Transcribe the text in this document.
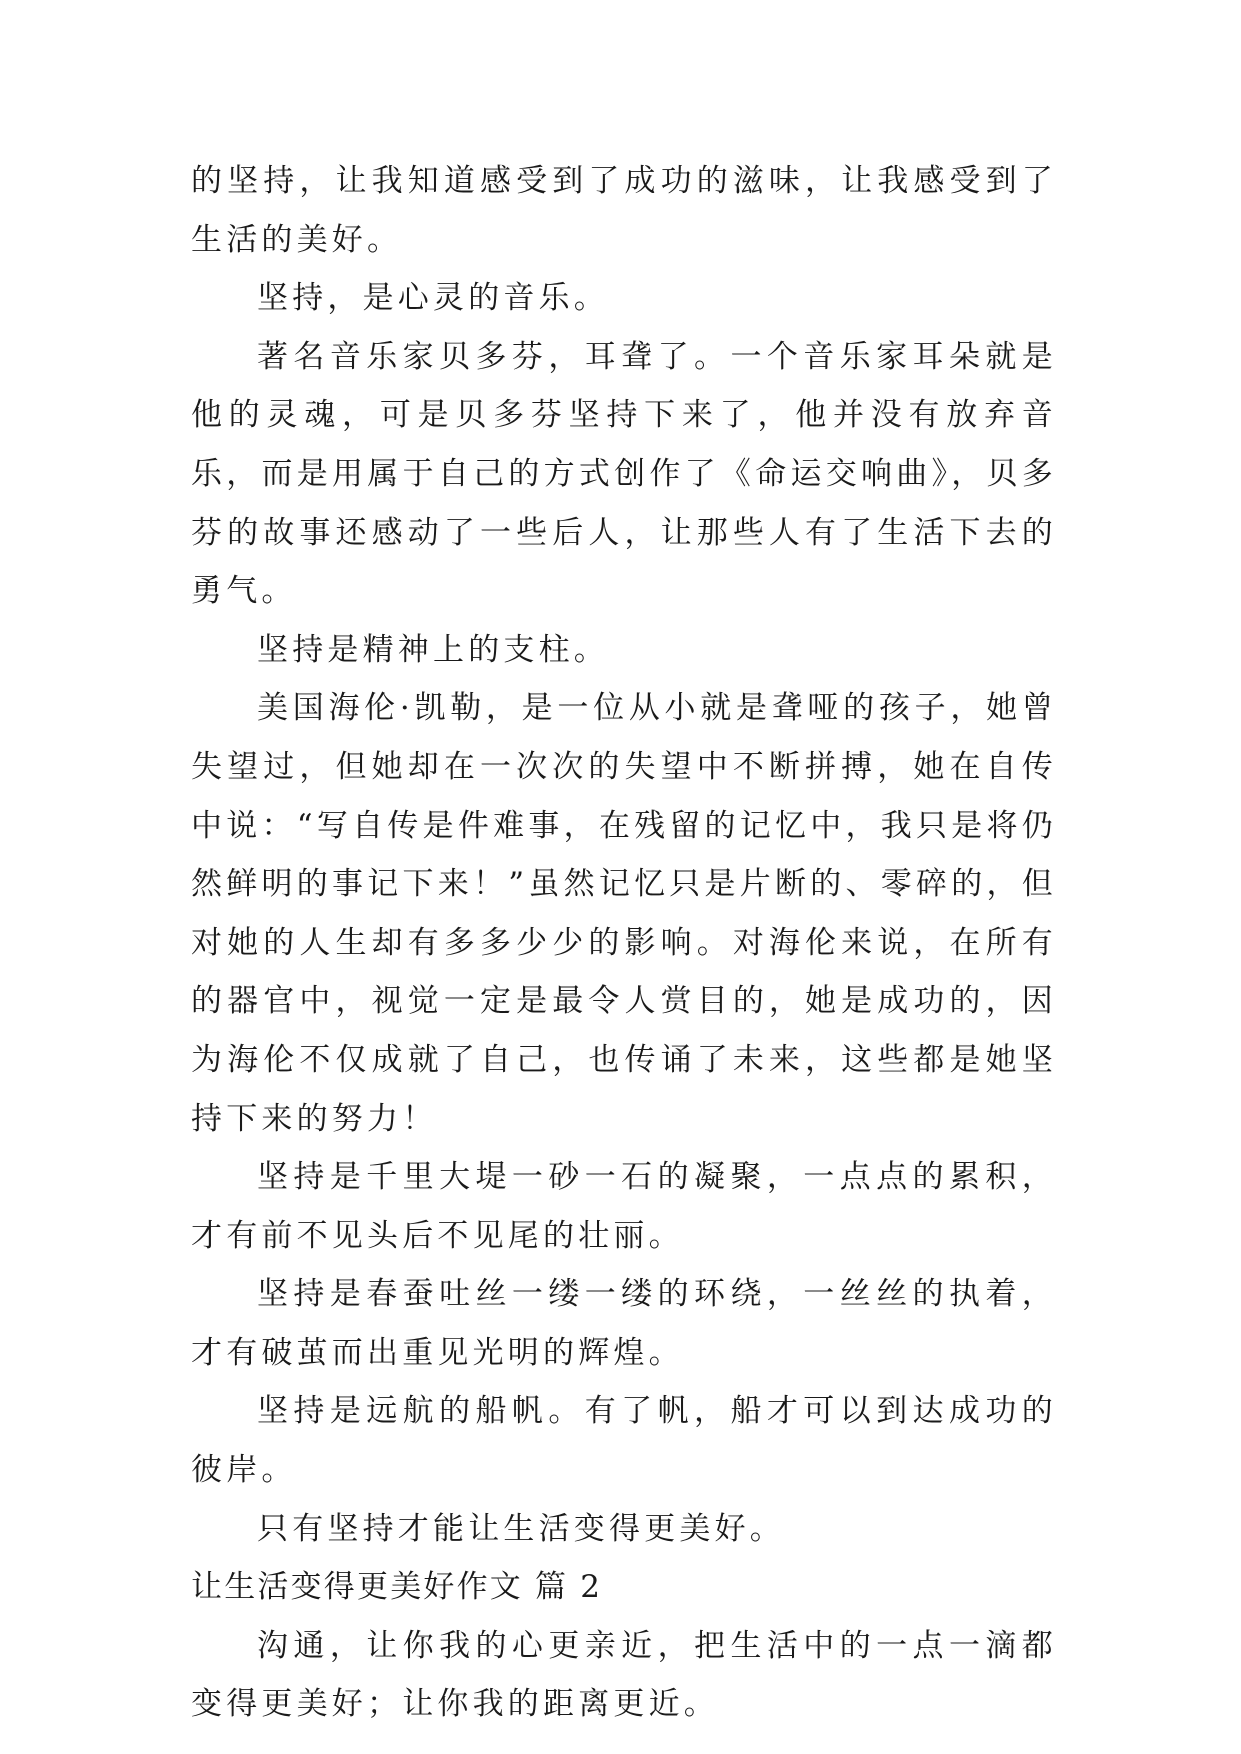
的坚持，让我知道感受到了成功的滋味，让我感受到了生活的美好。

坚持，是心灵的音乐。

著名音乐家贝多芬，耳聋了。一个音乐家耳朵就是他的灵魂，可是贝多芬坚持下来了，他并没有放弃音乐，而是用属于自己的方式创作了《命运交响曲》，贝多芬的故事还感动了一些后人，让那些人有了生活下去的勇气。

坚持是精神上的支柱。

美国海伦·凯勒，是一位从小就是聋哑的孩子，她曾失望过，但她却在一次次的失望中不断拼搏，她在自传中说：“写自传是件难事，在残留的记忆中，我只是将仍然鲜明的事记下来！”虽然记忆只是片断的、零碎的，但对她的人生却有多多少少的影响。对海伦来说，在所有的器官中，视觉一定是最令人赏目的，她是成功的，因为海伦不仅成就了自己，也传诵了未来，这些都是她坚持下来的努力！

坚持是千里大堤一砂一石的凝聚，一点点的累积，才有前不见头后不见尾的壮丽。

坚持是春蚕吐丝一缕一缕的环绕，一丝丝的执着，才有破茧而出重见光明的辉煌。

坚持是远航的船帆。有了帆，船才可以到达成功的彼岸。

只有坚持才能让生活变得更美好。

让生活变得更美好作文 篇 2

沟通，让你我的心更亲近，把生活中的一点一滴都变得更美好；让你我的距离更近。
